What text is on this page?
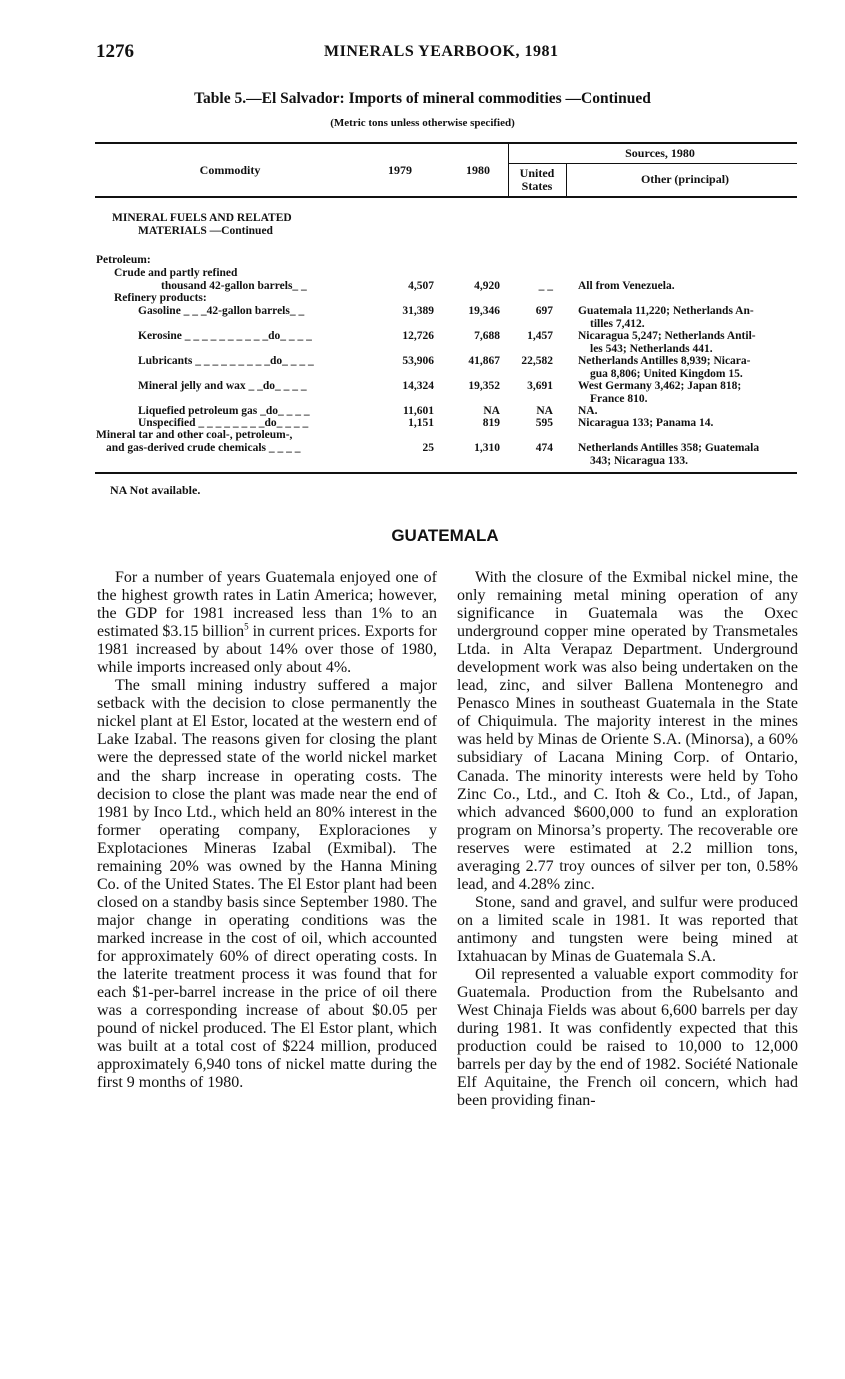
1276	MINERALS YEARBOOK, 1981
Table 5.—El Salvador: Imports of mineral commodities —Continued
(Metric tons unless otherwise specified)
Commodity	1979	1980
Sources, 1980
United States	Other (principal)
MINERAL FUELS AND RELATED
MATERIALS —Continued
Petroleum:
Crude and partly refined
thousand 42-gallon barrels_ _	4,507	4,920	_ _ All from Venezuela.
Refinery products:
Gasoline _ _ _42-gallon barrels_ _	31,389	19,346	697 Guatemala 11,220; Netherlands An-
tilles 7,412.
Kerosine _ _ _ _ _ _ _ _ _ _do_ _ _ _	12,726	7,688	1,457 Nicaragua 5,247; Netherlands Antil-
les 543; Netherlands 441.
Lubricants _ _ _ _ _ _ _ _ _do_ _ _ _	53,906	41,867	22,582 Netherlands Antilles 8,939; Nicara-
gua 8,806; United Kingdom 15.
Mineral jelly and wax _ _do_ _ _ _	14,324	19,352	3,691 West Germany 3,462; Japan 818;
France 810.
Liquefied petroleum gas _do_ _ _ _	11,601	NA	NA NA.
Unspecified _ _ _ _ _ _ _ _do_ _ _ _	1,151	819	595 Nicaragua 133; Panama 14.
Mineral tar and other coal-, petroleum-,
and gas-derived crude chemicals _ _ _ _	25	1,310	474 Netherlands Antilles 358; Guatemala
343; Nicaragua 133.
NA Not available.
GUATEMALA

For a number of years Guatemala enjoyed one of the highest growth rates in Latin America; however, the GDP for 1981 increased less than 1% to an estimated $3.15 billion$^5$ in current prices. Exports for 1981 increased by about 14% over those of 1980, while imports increased only about 4%.

The small mining industry suffered a major setback with the decision to close permanently the nickel plant at El Estor, located at the western end of Lake Izabal. The reasons given for closing the plant were the depressed state of the world nickel market and the sharp increase in operating costs. The decision to close the plant was made near the end of 1981 by Inco Ltd., which held an 80% interest in the former operating company, Exploraciones y Explotaciones Mineras Izabal (Exmibal). The remaining 20% was owned by the Hanna Mining Co. of the United States. The El Estor plant had been closed on a standby basis since September 1980. The major change in operating conditions was the marked increase in the cost of oil, which accounted for approximately 60% of direct operating costs. In the laterite treatment process it was found that for each $1-per-barrel increase in the price of oil there was a corresponding increase of about $0.05 per pound of nickel produced. The El Estor plant, which was built at a total cost of $224 million, produced approximately 6,940 tons of nickel matte during the first 9 months of 1980.

With the closure of the Exmibal nickel mine, the only remaining metal mining operation of any significance in Guatemala was the Oxec underground copper mine operated by Transmetales Ltda. in Alta Verapaz Department. Underground development work was also being undertaken on the lead, zinc, and silver Ballena Montenegro and Penasco Mines in southeast Guatemala in the State of Chiquimula. The majority interest in the mines was held by Minas de Oriente S.A. (Minorsa), a 60% subsidiary of Lacana Mining Corp. of Ontario, Canada. The minority interests were held by Toho Zinc Co., Ltd., and C. Itoh & Co., Ltd., of Japan, which advanced $600,000 to fund an exploration program on Minorsa’s property. The recoverable ore reserves were estimated at 2.2 million tons, averaging 2.77 troy ounces of silver per ton, 0.58% lead, and 4.28% zinc.

Stone, sand and gravel, and sulfur were produced on a limited scale in 1981. It was reported that antimony and tungsten were being mined at Ixtahuacan by Minas de Guatemala S.A.

Oil represented a valuable export commodity for Guatemala. Production from the Rubelsanto and West Chinaja Fields was about 6,600 barrels per day during 1981. It was confidently expected that this production could be raised to 10,000 to 12,000 barrels per day by the end of 1982. Société Nationale Elf Aquitaine, the French oil concern, which had been providing finan-
